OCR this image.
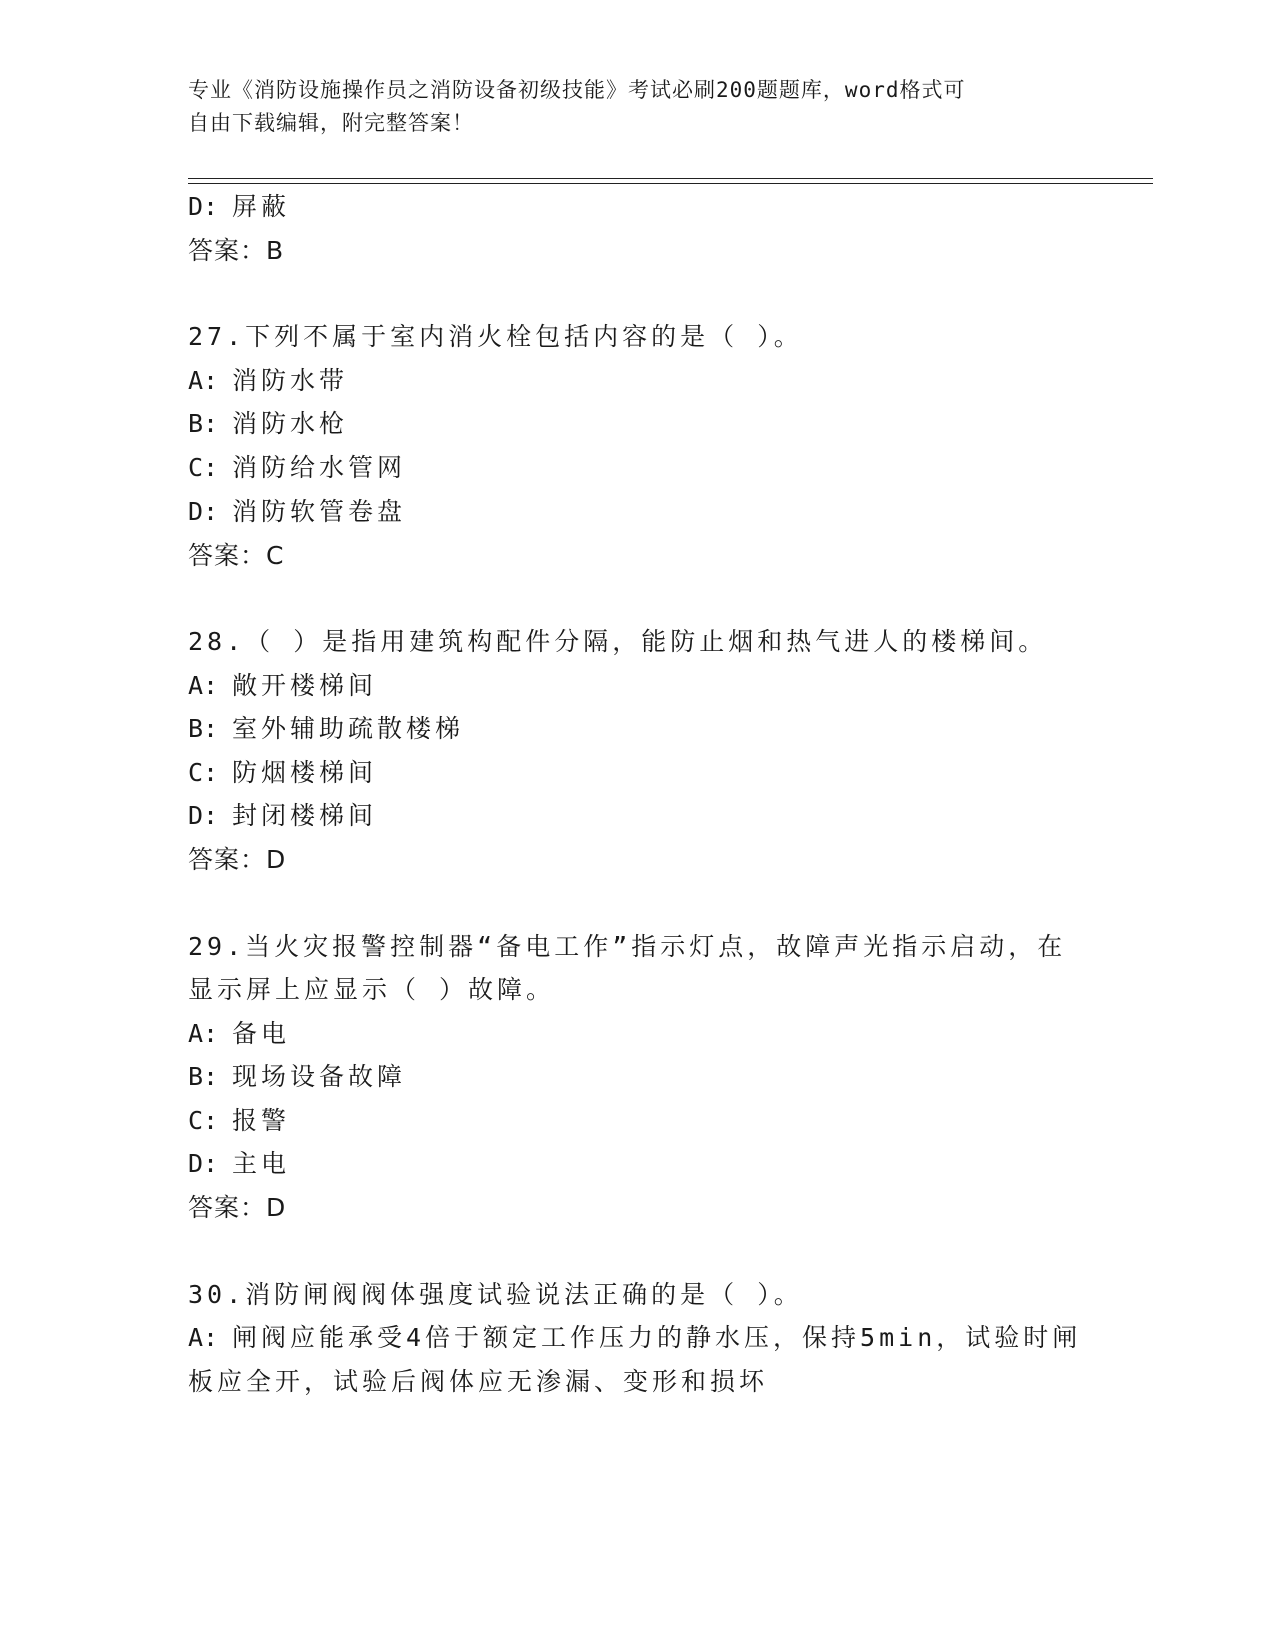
专业《消防设施操作员之消防设备初级技能》考试必刷200题题库，word格式可
自由下载编辑，附完整答案！
D: 屏蔽
答案：B
27.下列不属于室内消火栓包括内容的是（ ）。
A: 消防水带
B: 消防水枪
C: 消防给水管网
D: 消防软管卷盘
答案：C
28.（ ）是指用建筑构配件分隔，能防止烟和热气进人的楼梯间。
A: 敞开楼梯间
B: 室外辅助疏散楼梯
C: 防烟楼梯间
D: 封闭楼梯间
答案：D
29.当火灾报警控制器“备电工作”指示灯点，故障声光指示启动，在
显示屏上应显示（ ）故障。
A: 备电
B: 现场设备故障
C: 报警
D: 主电
答案：D
30.消防闸阀阀体强度试验说法正确的是（ ）。
A: 闸阀应能承受4倍于额定工作压力的静水压，保持5min，试验时闸
板应全开，试验后阀体应无渗漏、变形和损坏
